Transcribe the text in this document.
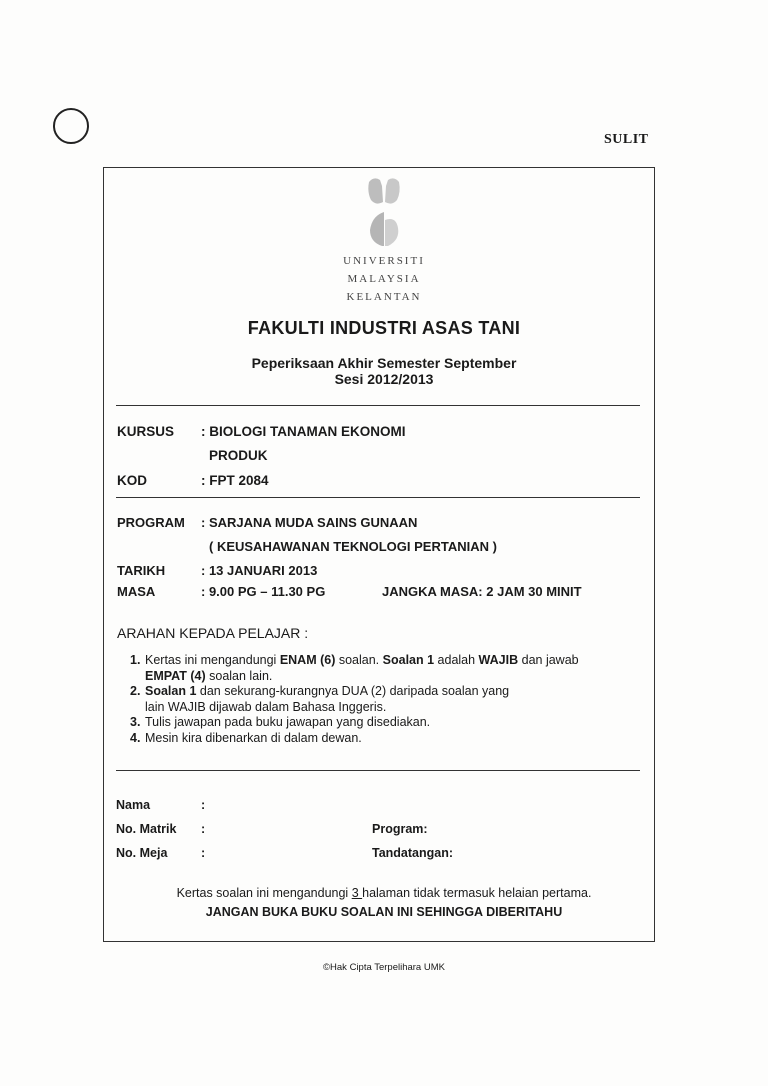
SULIT
UNIVERSITI
MALAYSIA
KELANTAN
FAKULTI INDUSTRI ASAS TANI
Peperiksaan Akhir Semester September
Sesi 2012/2013
KURSUS : BIOLOGI TANAMAN EKONOMI
PRODUK
KOD	: FPT 2084
PROGRAM : SARJANA MUDA SAINS GUNAAN
( KEUSAHAWANAN TEKNOLOGI PERTANIAN )
TARIKH	: 13 JANUARI 2013
MASA	: 9.00 PG – 11.30 PG	JANGKA MASA: 2 JAM 30 MINIT
ARAHAN KEPADA PELAJAR :
1. Kertas ini mengandungi ENAM (6) soalan. Soalan 1 adalah WAJIB dan jawab
EMPAT (4) soalan lain.
2. Soalan 1 dan sekurang-kurangnya DUA (2) daripada soalan yang lain WAJIB dijawab dalam Bahasa Inggeris.
3. Tulis jawapan pada buku jawapan yang disediakan.
4. Mesin kira dibenarkan di dalam dewan.
Nama	:
No. Matrik :	Program:
No. Meja	:	Tandatangan:
Kertas soalan ini mengandungi 3 halaman tidak termasuk helaian pertama.
JANGAN BUKA BUKU SOALAN INI SEHINGGA DIBERITAHU
©Hak Cipta Terpelihara UMK
